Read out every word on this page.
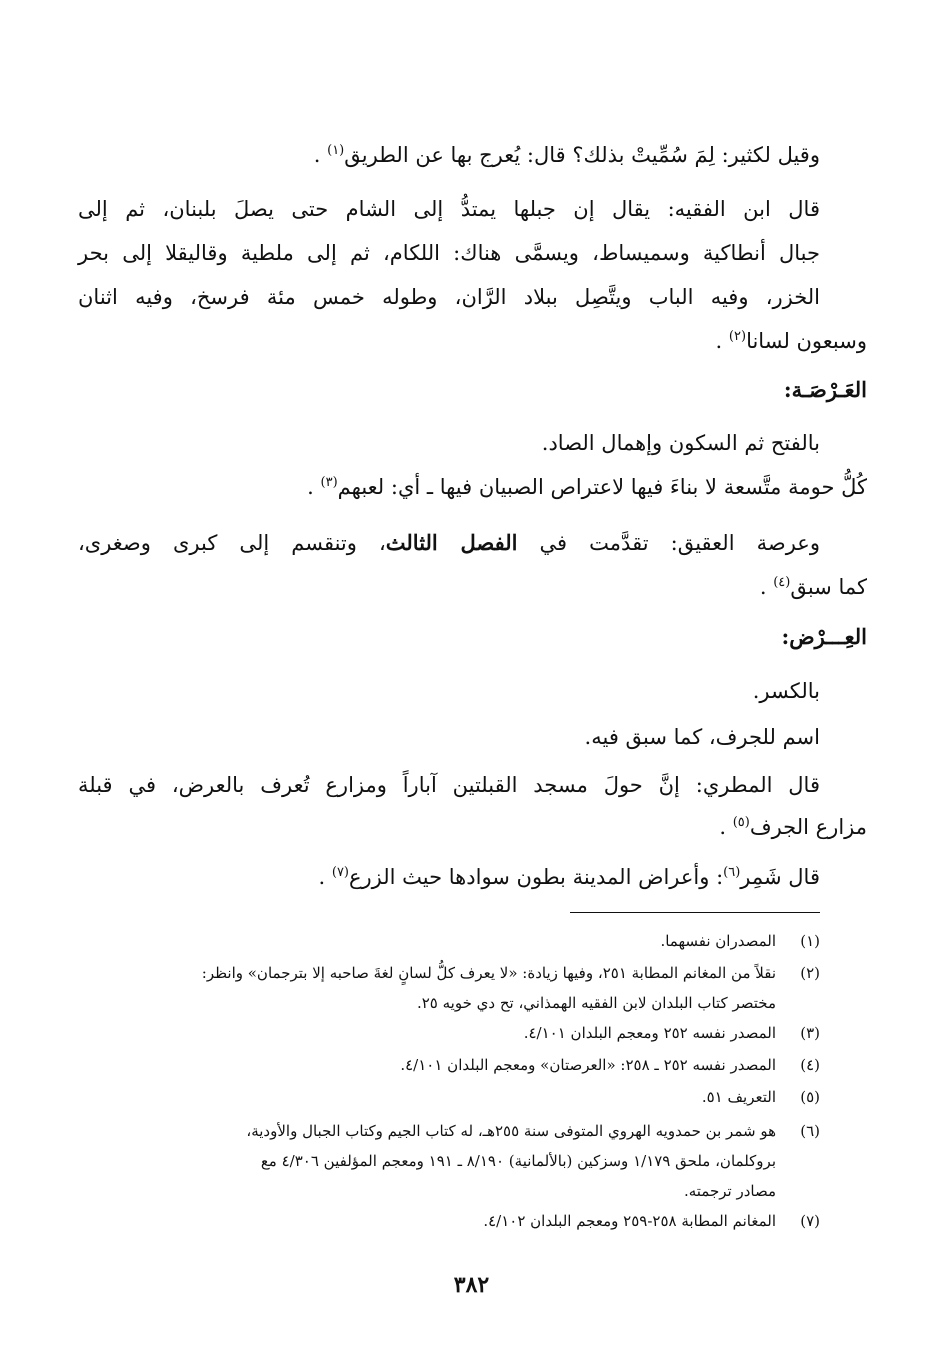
وقيل لكثير: لِمَ سُمِّيتْ بذلك؟ قال: يُعرج بها عن الطريق$^{(١)}$ .
قال ابن الفقيه: يقال إن جبلها يمتدُّ إلى الشام حتى يصلَ بلبنان، ثم إلى
جبال أنطاكية وسميساط، ويسمَّى هناك: اللكام، ثم إلى ملطية وقاليقلا إلى بحر
الخزر، وفيه الباب ويتَّصِل ببلاد الرَّان، وطوله خمس مئة فرسخ، وفيه اثنان
وسبعون لسانا$^{(٢)}$ .
العَـرْصَـة:
بالفتح ثم السكون وإهمال الصاد.
كُلُّ حومة متَّسعة لا بناءَ فيها لاعتراص الصبيان فيها ـ أي: لعبهم$^{(٣)}$ .
وعرصة العقيق: تقدَّمت في الفصل الثالث، وتنقسم إلى كبرى وصغرى،
كما سبق$^{(٤)}$ .
العِـــرْض:
بالكسر.
اسم للجرف، كما سبق فيه.
قال المطري: إنَّ حولَ مسجد القبلتين آباراً ومزارع تُعرف بالعرض، في قبلة
مزارع الجرف$^{(٥)}$ .
قال شَمِر$^{(٦)}$: وأعراض المدينة بطون سوادها حيث الزرع$^{(٧)}$ .
(١)
المصدران نفسهما.
(٢)
نقلاً من المغانم المطابة ٢٥١، وفيها زيادة: «لا يعرف كلُّ لسانٍ لغةَ صاحبه إلا بترجمان» وانظر:
مختصر كتاب البلدان لابن الفقيه الهمذاني، تح دي خويه ٢٥.
(٣)
المصدر نفسه ٢٥٢ ومعجم البلدان ٤/١٠١.
(٤)
المصدر نفسه ٢٥٢ ـ ٢٥٨: «العرصتان» ومعجم البلدان ٤/١٠١.
(٥)
التعريف ٥١.
(٦)
هو شمر بن حمدويه الهروي المتوفى سنة ٢٥٥هـ، له كتاب الجيم وكتاب الجبال والأودية،
بروكلمان، ملحق ١/١٧٩ وسزكين (بالألمانية) ٨/١٩٠ ـ ١٩١ ومعجم المؤلفين ٤/٣٠٦ مع
مصادر ترجمته.
(٧)
المغانم المطابة ٢٥٨-٢٥٩ ومعجم البلدان ٤/١٠٢.
٣٨٢
